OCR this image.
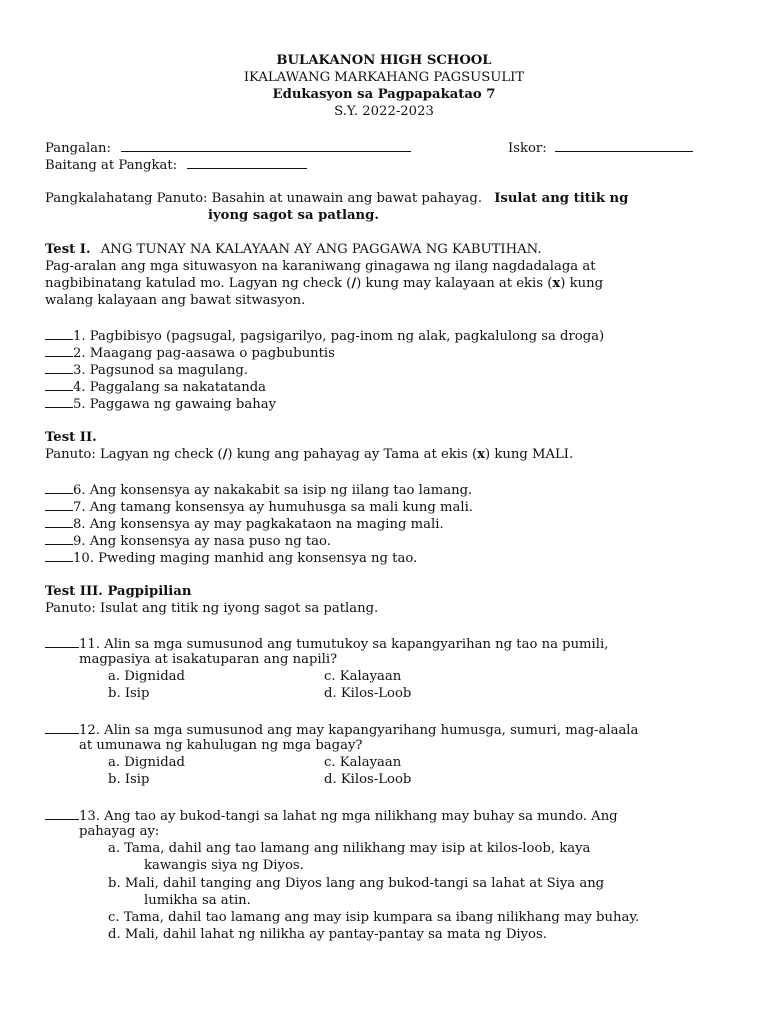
BULAKANON HIGH SCHOOL
IKALAWANG MARKAHANG PAGSUSULIT
Edukasyon sa Pagpapakatao 7
S.Y. 2022-2023
Pangalan:	Iskor:
Baitang at Pangkat:
Pangkalahatang Panuto: Basahin at unawain ang bawat pahayag. Isulat ang titik ng
iyong sagot sa patlang.
Test I. ANG TUNAY NA KALAYAAN AY ANG PAGGAWA NG KABUTIHAN.
Pag-aralan ang mga situwasyon na karaniwang ginagawa ng ilang nagdadalaga at
nagbibinatang katulad mo. Lagyan ng check (/) kung may kalayaan at ekis (x) kung
walang kalayaan ang bawat sitwasyon.
1. Pagbibisyo (pagsugal, pagsigarilyo, pag-inom ng alak, pagkalulong sa droga)
2. Maagang pag-aasawa o pagbubuntis
3. Pagsunod sa magulang.
4. Paggalang sa nakatatanda
5. Paggawa ng gawaing bahay
Test II.
Panuto: Lagyan ng check (/) kung ang pahayag ay Tama at ekis (x) kung MALI.
6. Ang konsensya ay nakakabit sa isip ng iilang tao lamang.
7. Ang tamang konsensya ay humuhusga sa mali kung mali.
8. Ang konsensya ay may pagkakataon na maging mali.
9. Ang konsensya ay nasa puso ng tao.
10. Pweding maging manhid ang konsensya ng tao.
Test III. Pagpipilian
Panuto: Isulat ang titik ng iyong sagot sa patlang.
11. Alin sa mga sumusunod ang tumutukoy sa kapangyarihan ng tao na pumili,
magpasiya at isakatuparan ang napili?
a. Dignidad	c. Kalayaan
b. Isip	d. Kilos-Loob
12. Alin sa mga sumusunod ang may kapangyarihang humusga, sumuri, mag-alaala
at umunawa ng kahulugan ng mga bagay?
a. Dignidad	c. Kalayaan
b. Isip	d. Kilos-Loob
13. Ang tao ay bukod-tangi sa lahat ng mga nilikhang may buhay sa mundo. Ang
pahayag ay:
a. Tama, dahil ang tao lamang ang nilikhang may isip at kilos-loob, kaya
kawangis siya ng Diyos.
b. Mali, dahil tanging ang Diyos lang ang bukod-tangi sa lahat at Siya ang
lumikha sa atin.
c. Tama, dahil tao lamang ang may isip kumpara sa ibang nilikhang may buhay.
d. Mali, dahil lahat ng nilikha ay pantay-pantay sa mata ng Diyos.
